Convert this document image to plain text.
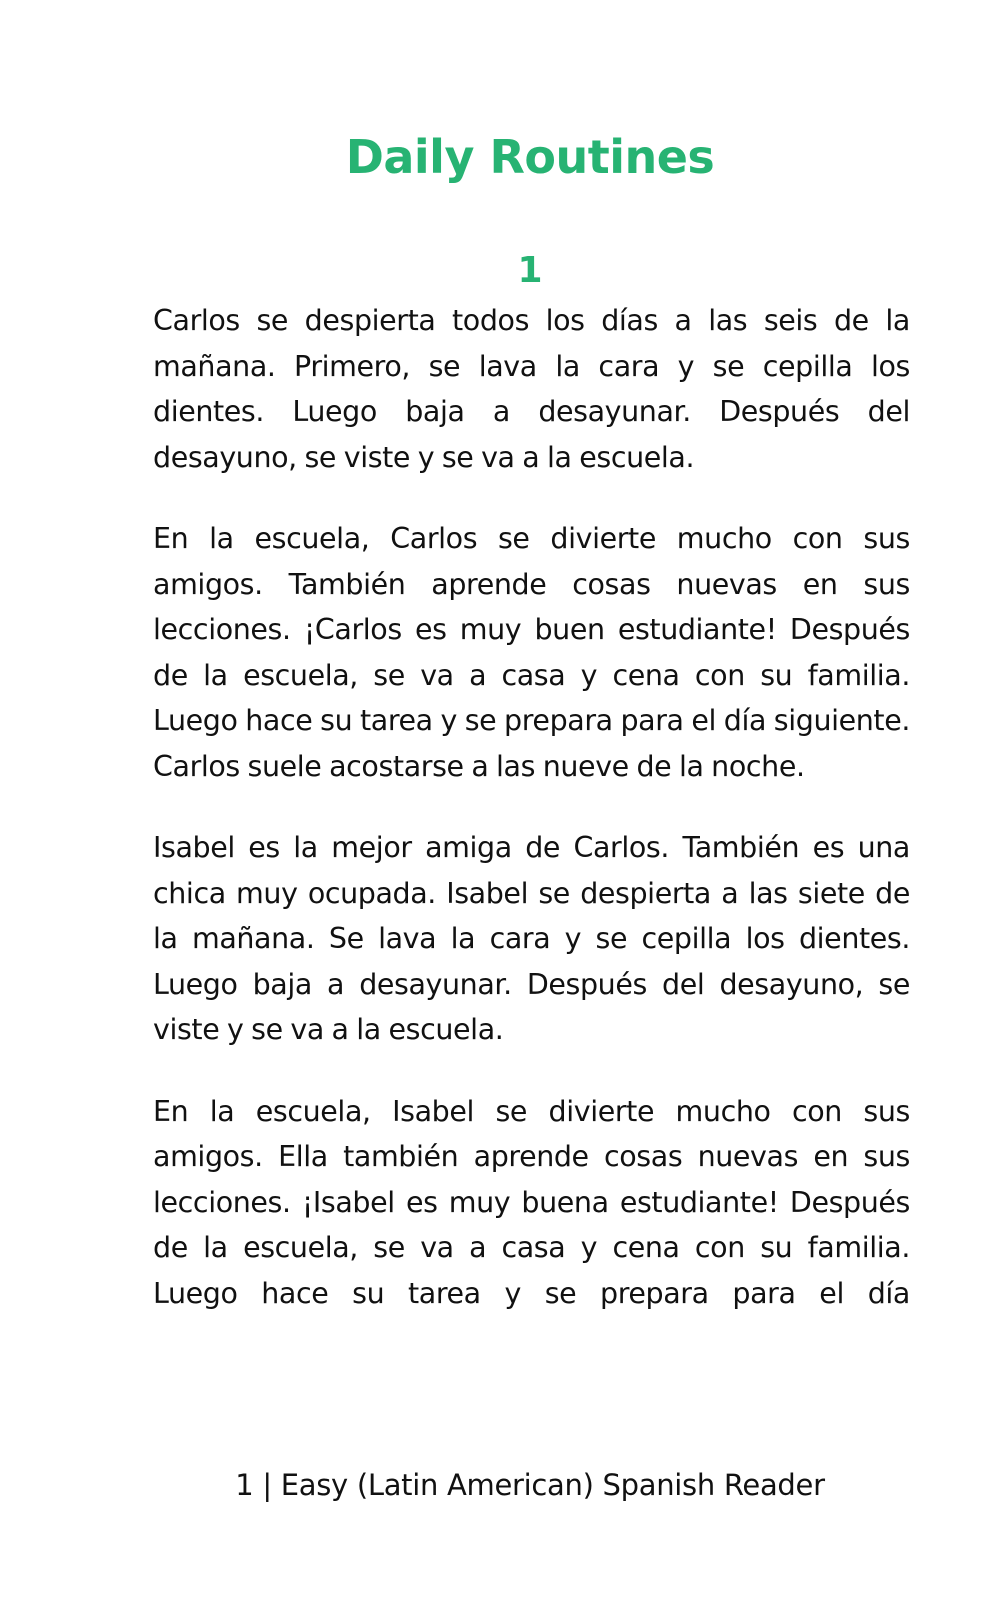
Daily Routines
1

Carlos se despierta todos los días a las seis de la mañana. Primero, se lava la cara y se cepilla los dientes. Luego baja a desayunar. Después del desayuno, se viste y se va a la escuela.

En la escuela, Carlos se divierte mucho con sus amigos. También aprende cosas nuevas en sus lecciones. ¡Carlos es muy buen estudiante! Después de la escuela, se va a casa y cena con su familia. Luego hace su tarea y se prepara para el día siguiente. Carlos suele acostarse a las nueve de la noche.

Isabel es la mejor amiga de Carlos. También es una chica muy ocupada. Isabel se despierta a las siete de la mañana. Se lava la cara y se cepilla los dientes. Luego baja a desayunar. Después del desayuno, se viste y se va a la escuela.

En la escuela, Isabel se divierte mucho con sus amigos. Ella también aprende cosas nuevas en sus lecciones. ¡Isabel es muy buena estudiante! Después de la escuela, se va a casa y cena con su familia. Luego hace su tarea y se prepara para el día

1 | Easy (Latin American) Spanish Reader
